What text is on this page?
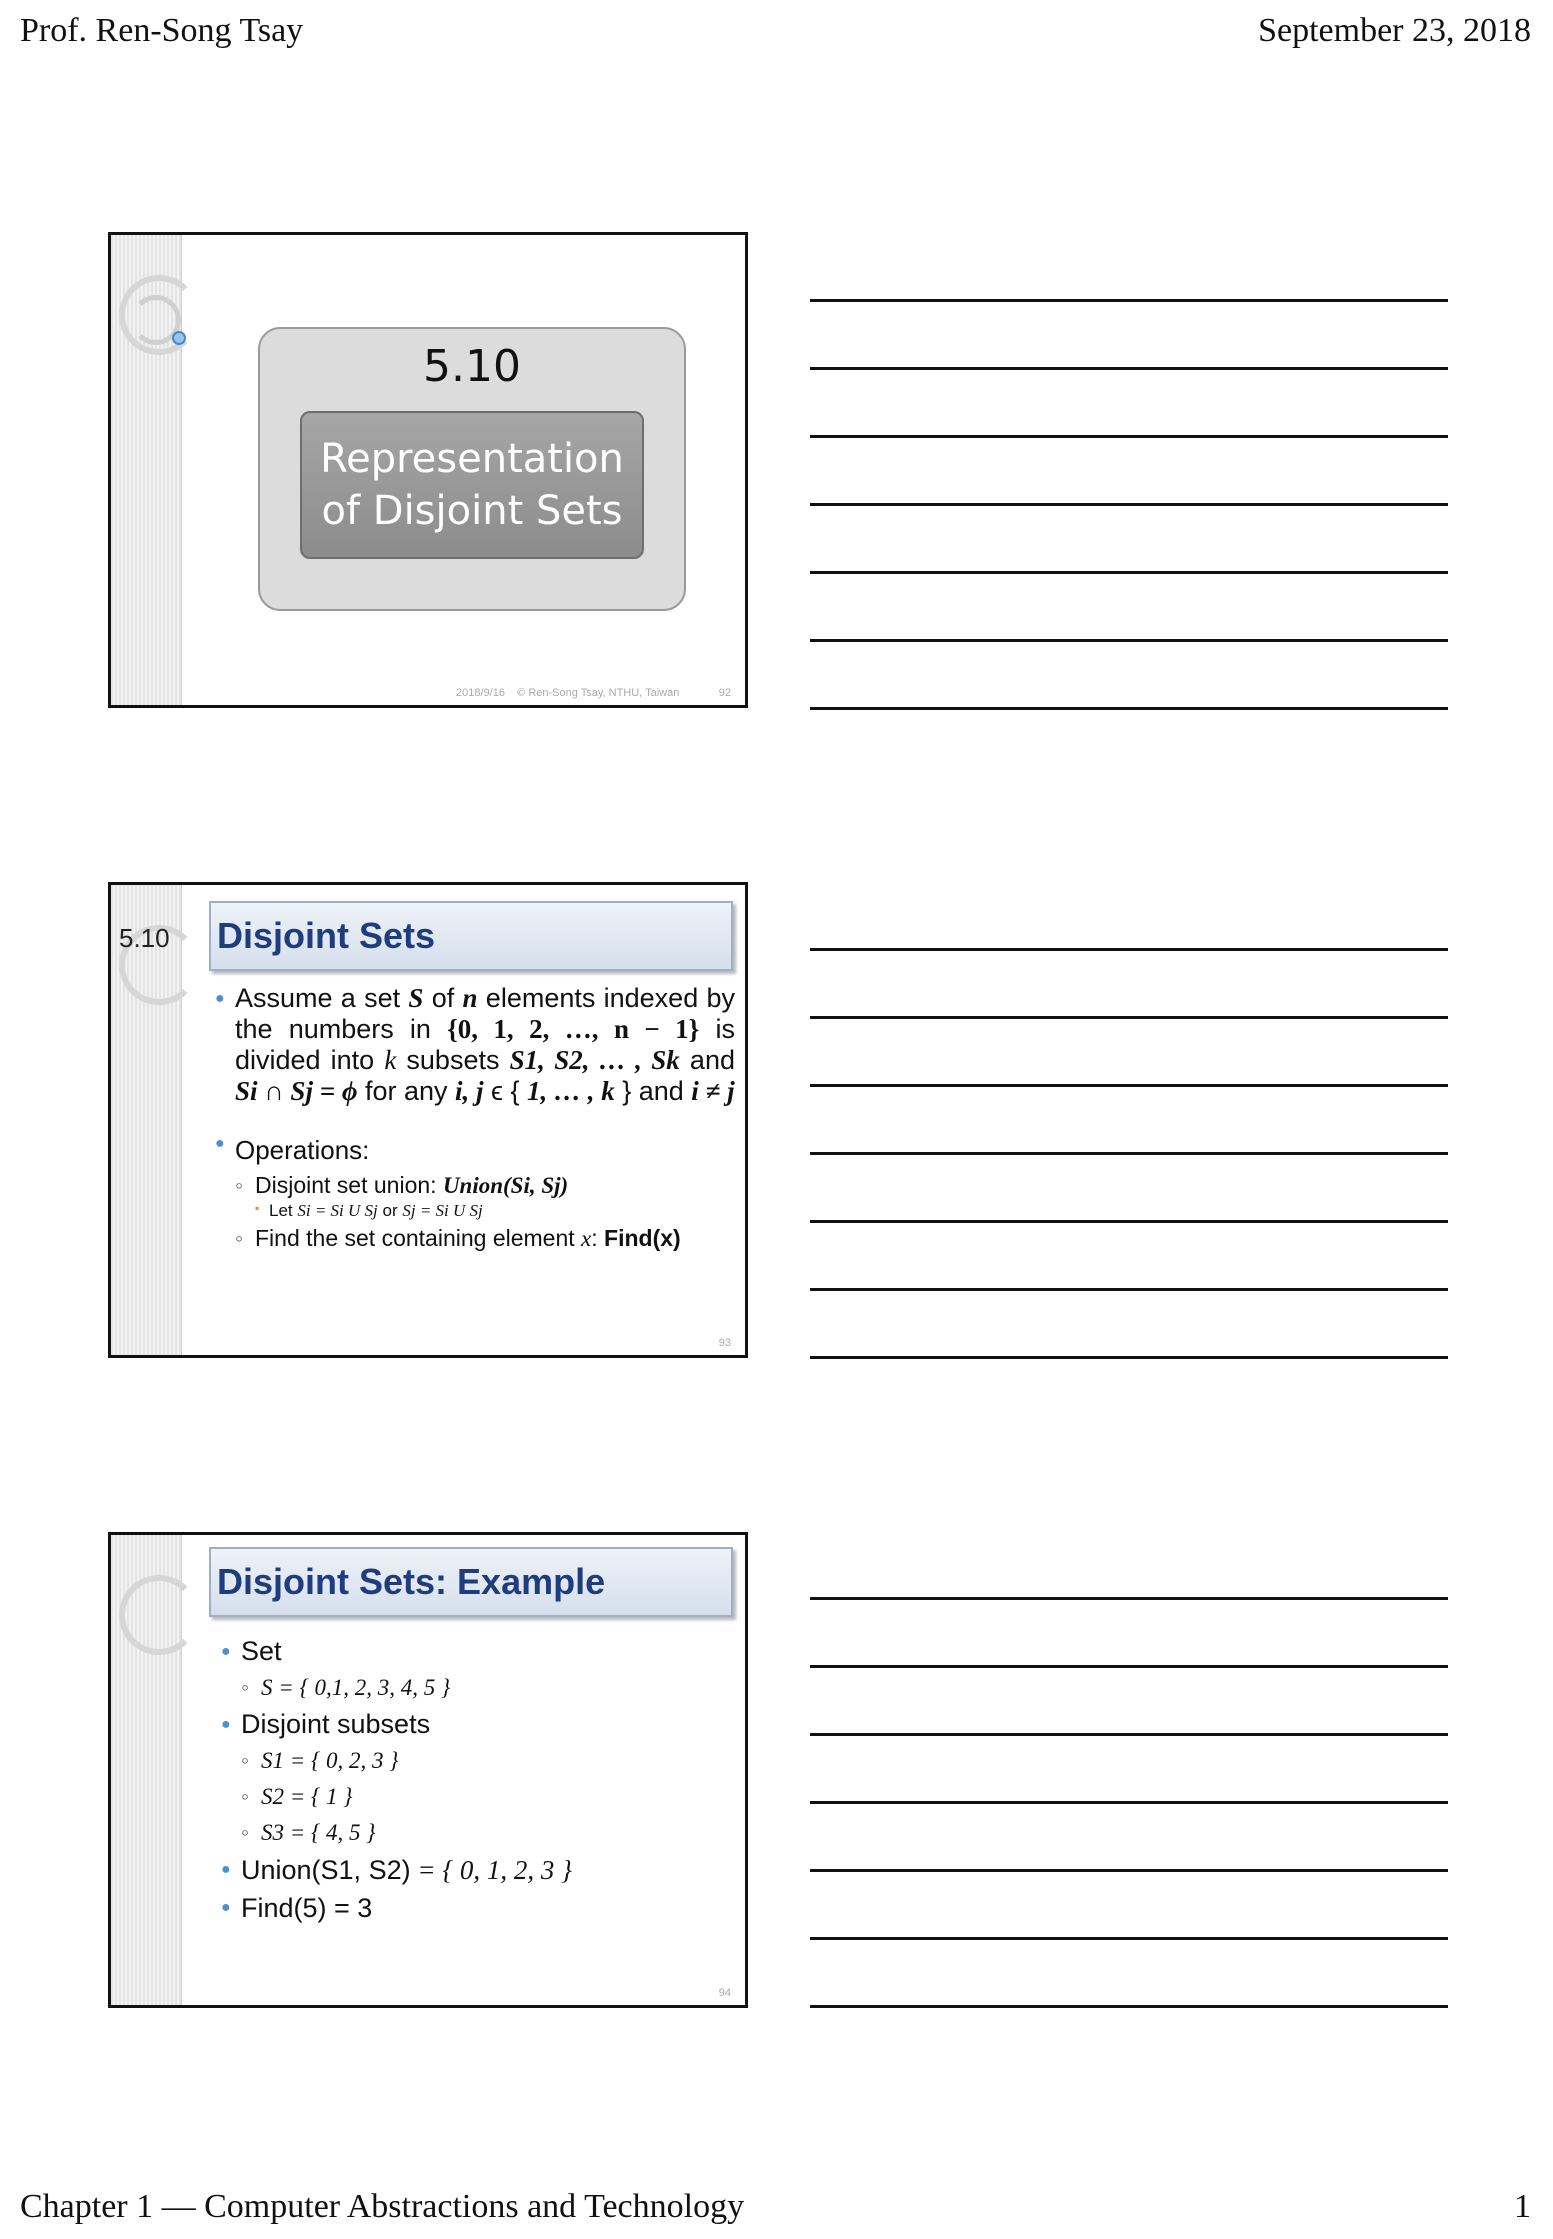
Prof. Ren-Song Tsay	September 23, 2018
5.10
Representation
of Disjoint Sets
2018/9/16 © Ren-Song Tsay, NTHU, Taiwan	92
5.10 Disjoint Sets
● Assume a set S of n elements indexed by the numbers in {0, 1, 2, …, n − 1} is divided into k subsets S1, S2, … , Sk and Si ∩ Sj = ϕ for any i, j ϵ { 1, … , k } and i ≠ j
● Operations:
◦ Disjoint set union: Union(Si, Sj)
▪ Let Si = Si U Sj or Sj = Si U Sj
◦ Find the set containing element x: Find(x)
93
Disjoint Sets: Example
● Set
◦ S = { 0,1, 2, 3, 4, 5 }
● Disjoint subsets
◦ S1 = { 0, 2, 3 }
◦ S2 = { 1 }
◦ S3 = { 4, 5 }
● Union(S1, S2) = { 0, 1, 2, 3 }
● Find(5) = 3
94
Chapter 1 — Computer Abstractions and Technology	1
